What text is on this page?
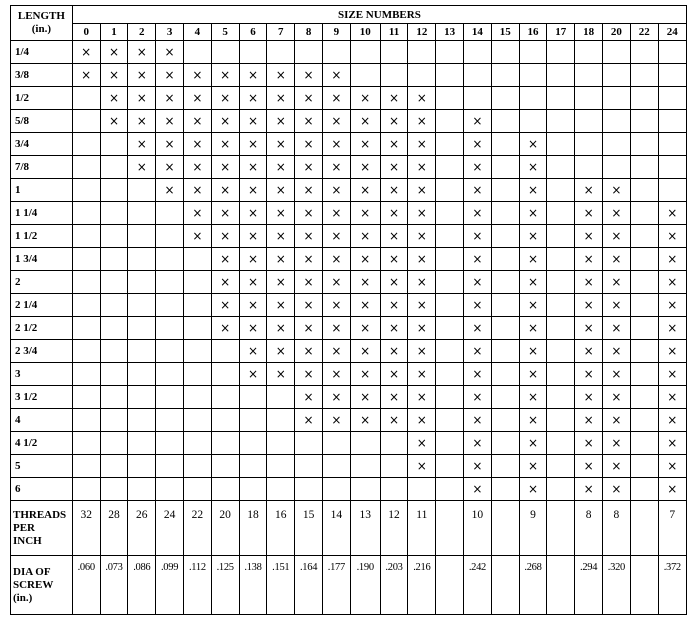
LENGTH
(in.)	SIZE NUMBERS																					
	0	1	2	3	4	5	6	7	8	9	10	11	12	13	14	15	16	17	18	20	22	24
1/4	×	×	×	×																		
3/8	×	×	×	×	×	×	×	×	×	×												
1/2		×	×	×	×	×	×	×	×	×	×	×	×									
5/8		×	×	×	×	×	×	×	×	×	×	×	×		×							
3/4			×	×	×	×	×	×	×	×	×	×	×		×		×					
7/8			×	×	×	×	×	×	×	×	×	×	×		×		×					
1				×	×	×	×	×	×	×	×	×	×		×		×		×	×		
1 1/4					×	×	×	×	×	×	×	×	×		×		×		×	×		×
1 1/2					×	×	×	×	×	×	×	×	×		×		×		×	×		×
1 3/4						×	×	×	×	×	×	×	×		×		×		×	×		×
2						×	×	×	×	×	×	×	×		×		×		×	×		×
2 1/4						×	×	×	×	×	×	×	×		×		×		×	×		×
2 1/2						×	×	×	×	×	×	×	×		×		×		×	×		×
2 3/4							×	×	×	×	×	×	×		×		×		×	×		×
3							×	×	×	×	×	×	×		×		×		×	×		×
3 1/2									×	×	×	×	×		×		×		×	×		×
4									×	×	×	×	×		×		×		×	×		×
4 1/2													×		×		×		×	×		×
5													×		×		×		×	×		×
6															×		×		×	×		×

THREADS
PER
INCH	32	28	26	24	22	20	18	16	15	14	13	12	11		10		9		8	8		7

DIA OF
SCREW
(in.)	.060	.073	.086	.099	.112	.125	.138	.151	.164	.177	.190	.203	.216		.242		.268		.294	.320		.372
